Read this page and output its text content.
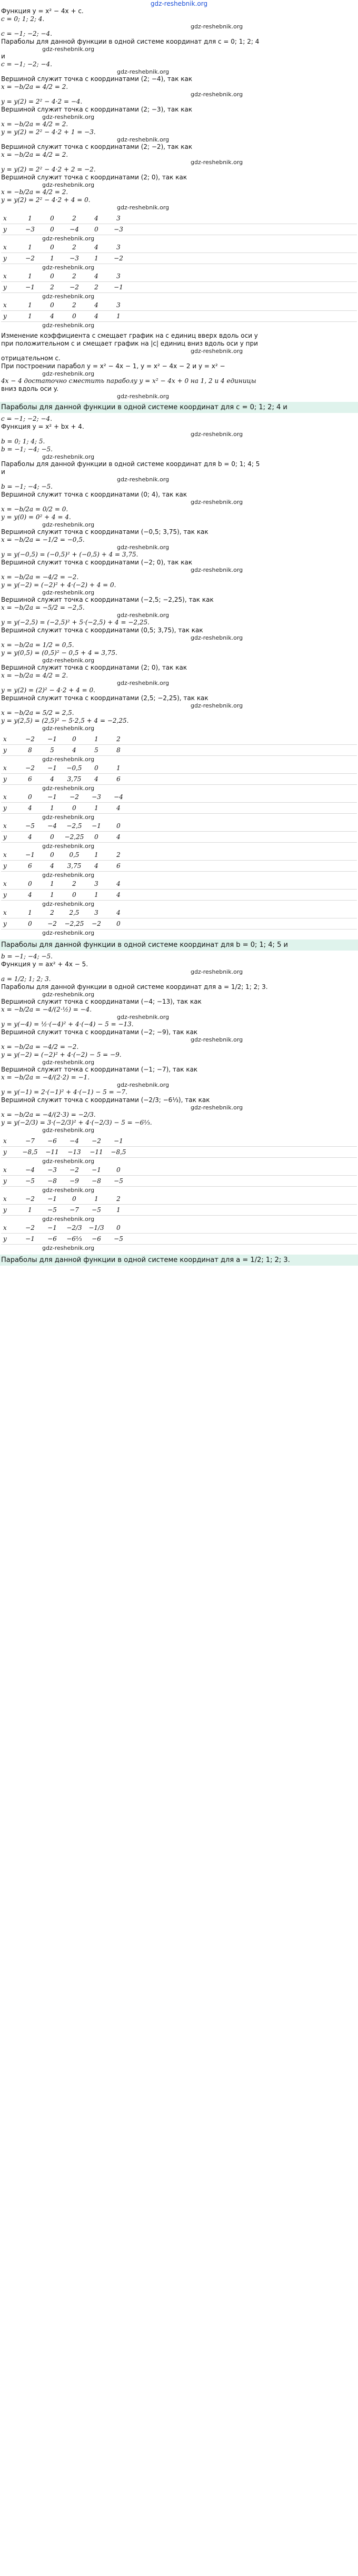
gdz-reshebnik.org

Функция y = x² − 4x + c.

c = 0; 1; 2; 4.

gdz-reshebnik.org

c = −1; −2; −4.

Параболы для данной функции в одной системе координат для c = 0; 1; 2; 4

gdz-reshebnik.org

и

c = −1; −2; −4.

gdz-reshebnik.org

Вершиной служит точка с координатами (2; −4), так как

x = −b/2a = 4/2 = 2.

gdz-reshebnik.org

y = y(2) = 2² − 4·2 = −4.

Вершиной служит точка с координатами (2; −3), так как

gdz-reshebnik.org

x = −b/2a = 4/2 = 2.

y = y(2) = 2² − 4·2 + 1 = −3.

gdz-reshebnik.org

Вершиной служит точка с координатами (2; −2), так как

x = −b/2a = 4/2 = 2.

gdz-reshebnik.org

y = y(2) = 2² − 4·2 + 2 = −2.

Вершиной служит точка с координатами (2; 0), так как

gdz-reshebnik.org

x = −b/2a = 4/2 = 2.

y = y(2) = 2² − 4·2 + 4 = 0.

gdz-reshebnik.org

x	1	0	2	4	3
y	−3	0	−4	0	−3

gdz-reshebnik.org

x	1	0	2	4	3
y	−2	1	−3	1	−2

gdz-reshebnik.org

x	1	0	2	4	3
y	−1	2	−2	2	−1

gdz-reshebnik.org

x	1	0	2	4	3
y	1	4	0	4	1

gdz-reshebnik.org

Изменение коэффициента c смещает график на c единиц вверх вдоль оси y

при положительном c и смещает график на |c| единиц вниз вдоль оси y при

gdz-reshebnik.org

отрицательном c.

При построении парабол y = x² − 4x − 1, y = x² − 4x − 2 и y = x² −

gdz-reshebnik.org

4x − 4 достаточно сместить параболу y = x² − 4x + 0 на 1, 2 и 4 единицы

вниз вдоль оси y.

gdz-reshebnik.org

Параболы для данной функции в одной системе координат для c = 0; 1; 2; 4 и

c = −1; −2; −4.

Функция y = x² + bx + 4.

gdz-reshebnik.org

b = 0; 1; 4; 5.

b = −1; −4; −5.

gdz-reshebnik.org

Параболы для данной функции в одной системе координат для b = 0; 1; 4; 5

и

gdz-reshebnik.org

b = −1; −4; −5.

Вершиной служит точка с координатами (0; 4), так как

gdz-reshebnik.org

x = −b/2a = 0/2 = 0.

y = y(0) = 0² + 4 = 4.

gdz-reshebnik.org

Вершиной служит точка с координатами (−0,5; 3,75), так как

x = −b/2a = −1/2 = −0,5.

gdz-reshebnik.org

y = y(−0,5) = (−0,5)² + (−0,5) + 4 = 3,75.

Вершиной служит точка с координатами (−2; 0), так как

gdz-reshebnik.org

x = −b/2a = −4/2 = −2.

y = y(−2) = (−2)² + 4·(−2) + 4 = 0.

gdz-reshebnik.org

Вершиной служит точка с координатами (−2,5; −2,25), так как

x = −b/2a = −5/2 = −2,5.

gdz-reshebnik.org

y = y(−2,5) = (−2,5)² + 5·(−2,5) + 4 = −2,25.

Вершиной служит точка с координатами (0,5; 3,75), так как

gdz-reshebnik.org

x = −b/2a = 1/2 = 0,5.

y = y(0,5) = (0,5)² − 0,5 + 4 = 3,75.

gdz-reshebnik.org

Вершиной служит точка с координатами (2; 0), так как

x = −b/2a = 4/2 = 2.

gdz-reshebnik.org

y = y(2) = (2)² − 4·2 + 4 = 0.

Вершиной служит точка с координатами (2,5; −2,25), так как

gdz-reshebnik.org

x = −b/2a = 5/2 = 2,5.

y = y(2,5) = (2,5)² − 5·2,5 + 4 = −2,25.

gdz-reshebnik.org

x	−2	−1	0	1	2
y	8	5	4	5	8

gdz-reshebnik.org

x	−2	−1	−0,5	0	1
y	6	4	3,75	4	6

gdz-reshebnik.org

x	0	−1	−2	−3	−4
y	4	1	0	1	4

gdz-reshebnik.org

x	−5	−4	−2,5	−1	0
y	4	0	−2,25	0	4

gdz-reshebnik.org

x	−1	0	0,5	1	2
y	6	4	3,75	4	6

gdz-reshebnik.org

x	0	1	2	3	4
y	4	1	0	1	4

gdz-reshebnik.org

x	1	2	2,5	3	4
y	0	−2	−2,25	−2	0

gdz-reshebnik.org

Параболы для данной функции в одной системе координат для b = 0; 1; 4; 5 и

b = −1; −4; −5.

Функция y = ax² + 4x − 5.

gdz-reshebnik.org

a = 1/2; 1; 2; 3.

Параболы для данной функции в одной системе координат для a = 1/2; 1; 2; 3.

gdz-reshebnik.org

Вершиной служит точка с координатами (−4; −13), так как

x = −b/2a = −4/(2·½) = −4.

gdz-reshebnik.org

y = y(−4) = ½·(−4)² + 4·(−4) − 5 = −13.

Вершиной служит точка с координатами (−2; −9), так как

gdz-reshebnik.org

x = −b/2a = −4/2 = −2.

y = y(−2) = (−2)² + 4·(−2) − 5 = −9.

gdz-reshebnik.org

Вершиной служит точка с координатами (−1; −7), так как

x = −b/2a = −4/(2·2) = −1.

gdz-reshebnik.org

y = y(−1) = 2·(−1)² + 4·(−1) − 5 = −7.

Вершиной служит точка с координатами (−2/3; −6⅓), так как

gdz-reshebnik.org

x = −b/2a = −4/(2·3) = −2/3.

y = y(−2/3) = 3·(−2/3)² + 4·(−2/3) − 5 = −6⅓.

gdz-reshebnik.org

x	−7	−6	−4	−2	−1
y	−8,5	−11	−13	−11	−8,5

gdz-reshebnik.org

x	−4	−3	−2	−1	0
y	−5	−8	−9	−8	−5

gdz-reshebnik.org

x	−2	−1	0	1	2
y	1	−5	−7	−5	1

gdz-reshebnik.org

x	−2	−1	−2/3	−1/3	0
y	−1	−6	−6⅓	−6	−5

gdz-reshebnik.org

Параболы для данной функции в одной системе координат для a = 1/2; 1; 2; 3.
